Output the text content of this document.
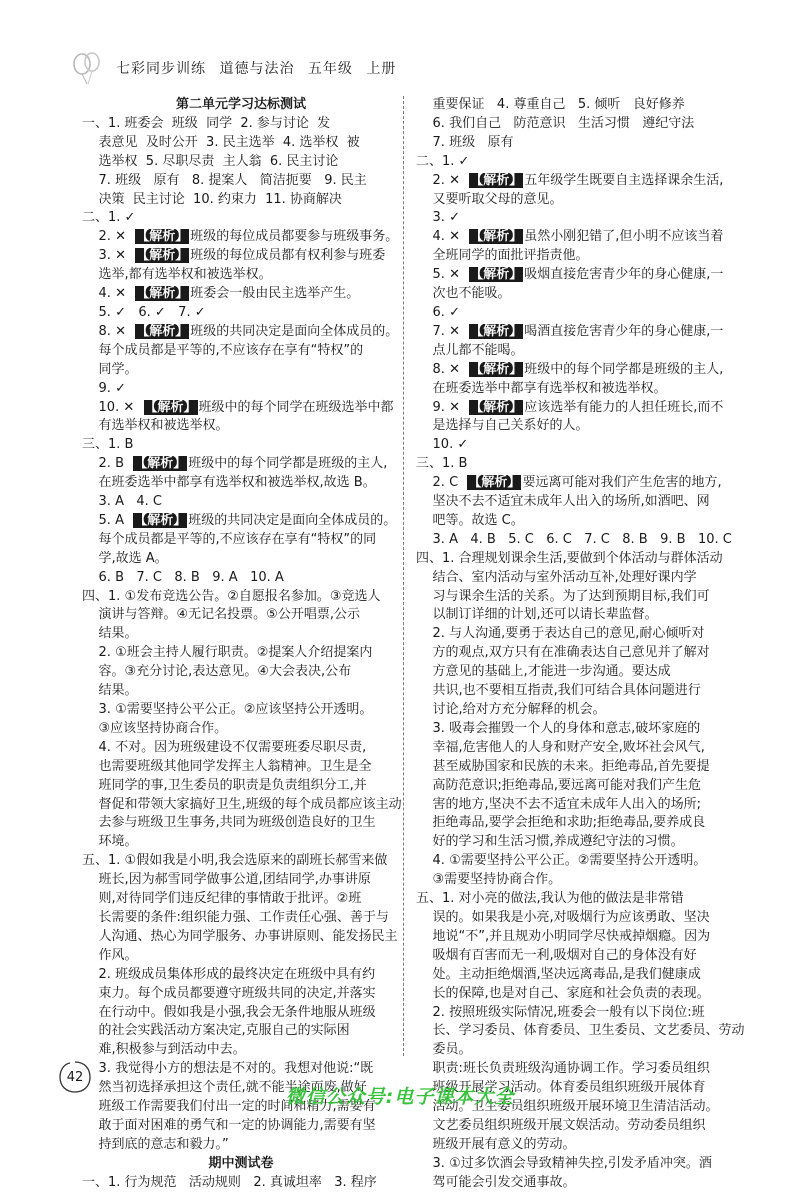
七彩同步训练 道德与法治 五年级 上册
第二单元学习达标测试
一、1. 班委会  班级  同学  2. 参与讨论  发
表意见  及时公开  3. 民主选举  4. 选举权  被
选举权  5. 尽职尽责  主人翁  6. 民主讨论
7. 班级   原有   8. 提案人   简洁扼要   9. 民主
决策  民主讨论  10. 约束力  11. 协商解决
二、1. ✓
2. ✕  【解析】 班级的每位成员都要参与班级事务。
3. ✕  【解析】 班级的每位成员都有权利参与班委
选举,都有选举权和被选举权。
4. ✕  【解析】 班委会一般由民主选举产生。
5. ✓   6. ✓   7. ✓
8. ✕  【解析】 班级的共同决定是面向全体成员的。
每个成员都是平等的,不应该存在享有“特权”的
同学。
9. ✓
10. ✕  【解析】 班级中的每个同学在班级选举中都
有选举权和被选举权。
三、1. B
2. B  【解析】 班级中的每个同学都是班级的主人,
在班委选举中都享有选举权和被选举权,故选 B。
3. A   4. C
5. A  【解析】 班级的共同决定是面向全体成员的。
每个成员都是平等的,不应该存在享有“特权”的同
学,故选 A。
6. B   7. C   8. B   9. A   10. A
四、1. ①发布竞选公告。②自愿报名参加。③竞选人
演讲与答辩。④无记名投票。⑤公开唱票,公示
结果。
2. ①班会主持人履行职责。②提案人介绍提案内
容。③充分讨论,表达意见。④大会表决,公布
结果。
3. ①需要坚持公平公正。②应该坚持公开透明。
③应该坚持协商合作。
4. 不对。因为班级建设不仅需要班委尽职尽责,
也需要班级其他同学发挥主人翁精神。卫生是全
班同学的事,卫生委员的职责是负责组织分工,并
督促和带领大家搞好卫生,班级的每个成员都应该主动
去参与班级卫生事务,共同为班级创造良好的卫生
环境。
五、1. ①假如我是小明,我会选原来的副班长郝雪来做
班长,因为郝雪同学做事公道,团结同学,办事讲原
则,对待同学们违反纪律的事情敢于批评。②班
长需要的条件:组织能力强、工作责任心强、善于与
人沟通、热心为同学服务、办事讲原则、能发扬民主
作风。
2. 班级成员集体形成的最终决定在班级中具有约
束力。每个成员都要遵守班级共同的决定,并落实
在行动中。假如我是小强,我会无条件地服从班级
的社会实践活动方案决定,克服自己的实际困
难,积极参与到活动中去。
3. 我觉得小方的想法是不对的。我想对他说:“既
然当初选择承担这个责任,就不能半途而废,做好
班级工作需要我们付出一定的时间和精力,需要有
敢于面对困难的勇气和一定的协调能力,需要有坚
持到底的意志和毅力。”
期中测试卷
一、1. 行为规范   活动规则   2. 真诚坦率   3. 程序
重要保证   4. 尊重自己   5. 倾听   良好修养
6. 我们自己   防范意识   生活习惯   遵纪守法
7. 班级   原有
二、1. ✓
2. ✕  【解析】 五年级学生既要自主选择课余生活,
又要听取父母的意见。
3. ✓
4. ✕  【解析】 虽然小刚犯错了,但小明不应该当着
全班同学的面批评指责他。
5. ✕  【解析】 吸烟直接危害青少年的身心健康,一
次也不能吸。
6. ✓
7. ✕  【解析】 喝酒直接危害青少年的身心健康,一
点儿都不能喝。
8. ✕  【解析】 班级中的每个同学都是班级的主人,
在班委选举中都享有选举权和被选举权。
9. ✕  【解析】 应该选举有能力的人担任班长,而不
是选择与自己关系好的人。
10. ✓
三、1. B
2. C  【解析】 要远离可能对我们产生危害的地方,
坚决不去不适宜未成年人出入的场所,如酒吧、网
吧等。故选 C。
3. A   4. B   5. C   6. C   7. C   8. B   9. B   10. C
四、1. 合理规划课余生活,要做到个体活动与群体活动
结合、室内活动与室外活动互补,处理好课内学
习与课余生活的关系。为了达到预期目标,我们可
以制订详细的计划,还可以请长辈监督。
2. 与人沟通,要勇于表达自己的意见,耐心倾听对
方的观点,双方只有在准确表达自己意见并了解对
方意见的基础上,才能进一步沟通。要达成
共识,也不要相互指责,我们可结合具体问题进行
讨论,给对方充分解释的机会。
3. 吸毒会摧毁一个人的身体和意志,破坏家庭的
幸福,危害他人的人身和财产安全,败坏社会风气,
甚至威胁国家和民族的未来。拒绝毒品,首先要提
高防范意识;拒绝毒品,要远离可能对我们产生危
害的地方,坚决不去不适宜未成年人出入的场所;
拒绝毒品,要学会拒绝和求助;拒绝毒品,要养成良
好的学习和生活习惯,养成遵纪守法的习惯。
4. ①需要坚持公平公正。②需要坚持公开透明。
③需要坚持协商合作。
五、1. 对小亮的做法,我认为他的做法是非常错
误的。如果我是小亮,对吸烟行为应该勇敢、坚决
地说“不”,并且规劝小明同学尽快戒掉烟瘾。因为
吸烟有百害而无一利,吸烟对自己的身体没有好
处。主动拒绝烟酒,坚决远离毒品,是我们健康成
长的保障,也是对自己、家庭和社会负责的表现。
2. 按照班级实际情况,班委会一般有以下岗位:班
长、学习委员、体育委员、卫生委员、文艺委员、劳动
委员。
职责:班长负责班级沟通协调工作。学习委员组织
班级开展学习活动。体育委员组织班级开展体育
活动。卫生委员组织班级开展环境卫生清洁活动。
文艺委员组织班级开展文娱活动。劳动委员组织
班级开展有意义的劳动。
3. ①过多饮酒会导致精神失控,引发矛盾冲突。酒
驾可能会引发交通事故。
42
微信公众号:电子课本大全
